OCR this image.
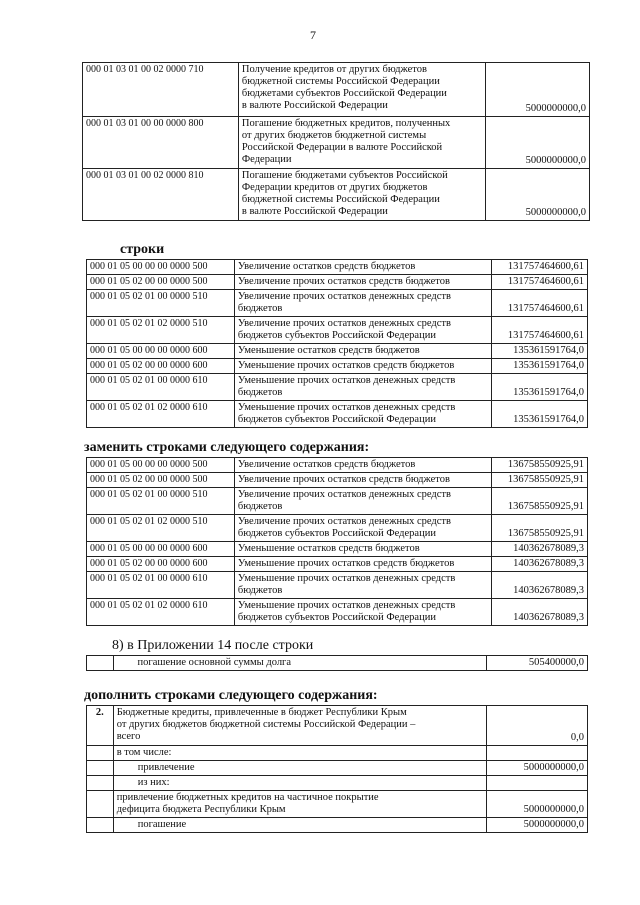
7
000 01 03 01 00 02 0000 710	Получение кредитов от других бюджетов
бюджетной системы Российской Федерации
бюджетами субъектов Российской Федерации
в валюте Российской Федерации	5000000000,0
000 01 03 01 00 00 0000 800	Погашение бюджетных кредитов, полученных
от других бюджетов бюджетной системы
Российской Федерации в валюте Российской
Федерации	5000000000,0
000 01 03 01 00 02 0000 810	Погашение бюджетами субъектов Российской
Федерации кредитов от других бюджетов
бюджетной системы Российской Федерации
в валюте Российской Федерации	5000000000,0
строки
000 01 05 00 00 00 0000 500	Увеличение остатков средств бюджетов	131757464600,61
000 01 05 02 00 00 0000 500	Увеличение прочих остатков средств бюджетов	131757464600,61
000 01 05 02 01 00 0000 510	Увеличение прочих остатков денежных средств
бюджетов	131757464600,61
000 01 05 02 01 02 0000 510	Увеличение прочих остатков денежных средств
бюджетов субъектов Российской Федерации	131757464600,61
000 01 05 00 00 00 0000 600	Уменьшение остатков средств бюджетов	135361591764,0
000 01 05 02 00 00 0000 600	Уменьшение прочих остатков средств бюджетов	135361591764,0
000 01 05 02 01 00 0000 610	Уменьшение прочих остатков денежных средств
бюджетов	135361591764,0
000 01 05 02 01 02 0000 610	Уменьшение прочих остатков денежных средств
бюджетов субъектов Российской Федерации	135361591764,0
заменить строками следующего содержания:
000 01 05 00 00 00 0000 500	Увеличение остатков средств бюджетов	136758550925,91
000 01 05 02 00 00 0000 500	Увеличение прочих остатков средств бюджетов	136758550925,91
000 01 05 02 01 00 0000 510	Увеличение прочих остатков денежных средств
бюджетов	136758550925,91
000 01 05 02 01 02 0000 510	Увеличение прочих остатков денежных средств
бюджетов субъектов Российской Федерации	136758550925,91
000 01 05 00 00 00 0000 600	Уменьшение остатков средств бюджетов	140362678089,3
000 01 05 02 00 00 0000 600	Уменьшение прочих остатков средств бюджетов	140362678089,3
000 01 05 02 01 00 0000 610	Уменьшение прочих остатков денежных средств
бюджетов	140362678089,3
000 01 05 02 01 02 0000 610	Уменьшение прочих остатков денежных средств
бюджетов субъектов Российской Федерации	140362678089,3
8) в Приложении 14 после строки
	погашение основной суммы долга	505400000,0
дополнить строками следующего содержания:
2.	Бюджетные кредиты, привлеченные в бюджет Республики Крым
от других бюджетов бюджетной системы Российской Федерации –
всего	0,0
	в том числе:	
	привлечение	5000000000,0
	из них:	
	привлечение бюджетных кредитов на частичное покрытие
дефицита бюджета Республики Крым	5000000000,0
	погашение	5000000000,0
